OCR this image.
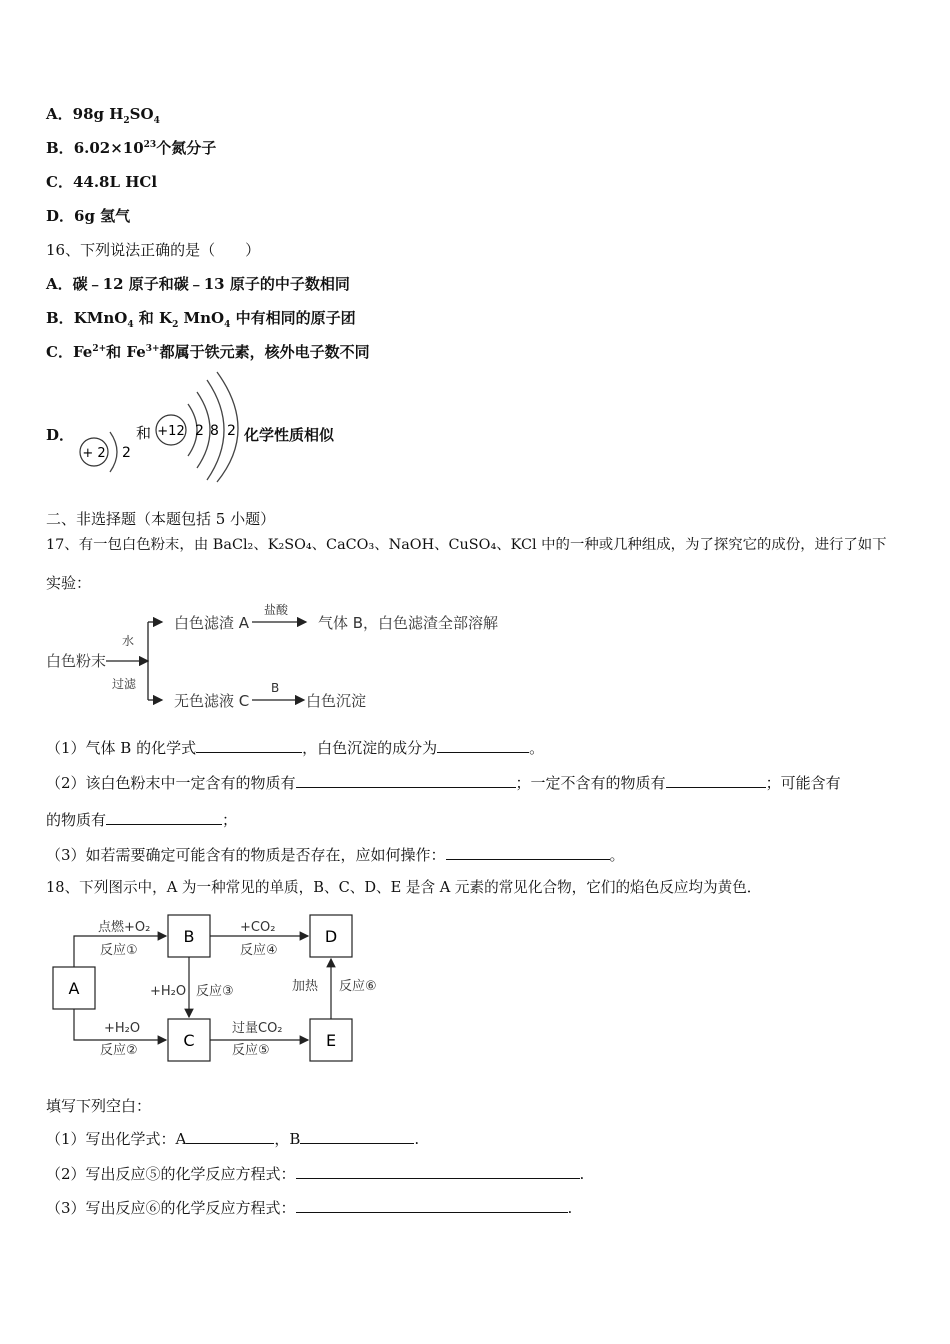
A．98g $H_2SO_4$
B．$6.02\times 10^{23}$个氮分子
C．44.8L HCl
D．6g 氢气
16、下列说法正确的是（　　）
A．碳﹣12 原子和碳﹣13 原子的中子数相同
B．KMnO$_4$ 和 $K_2$ MnO$_4$ 中有相同的原子团
C．$Fe^{2+}$和 $Fe^{3+}$都属于铁元素，核外电子数不同
D．
+ 2 2
和 +12 2 8 2 化学性质相似
二、非选择题（本题包括 5 小题）
17、有一包白色粉末，由 BaCl₂、K₂SO₄、CaCO₃、NaOH、CuSO₄、KCl 中的一种或几种组成，为了探究它的成份，进行了如下
实验：
白色粉末
水
过滤
白色滤渣 A
盐酸
气体 B，白色滤渣全部溶解
无色滤液 C
B
白色沉淀
（1）气体 B 的化学式	，白色沉淀的成分为	。
（2）该白色粉末中一定含有的物质有	；一定不含有的物质有	；可能含有
的物质有	；
（3）如若需要确定可能含有的物质是否存在，应如何操作：	。
18、下列图示中，A 为一种常见的单质，B、C、D、E 是含 A 元素的常见化合物，它们的焰色反应均为黄色．
A
B
C
D
E
点燃+O₂
反应①
+H₂O
反应②
+H₂O 反应③
+CO₂
反应④
过量CO₂
反应⑤
加热 反应⑥
填写下列空白：
（1）写出化学式：A	，B	.
（2）写出反应⑤的化学反应方程式：	.
（3）写出反应⑥的化学反应方程式：	.
